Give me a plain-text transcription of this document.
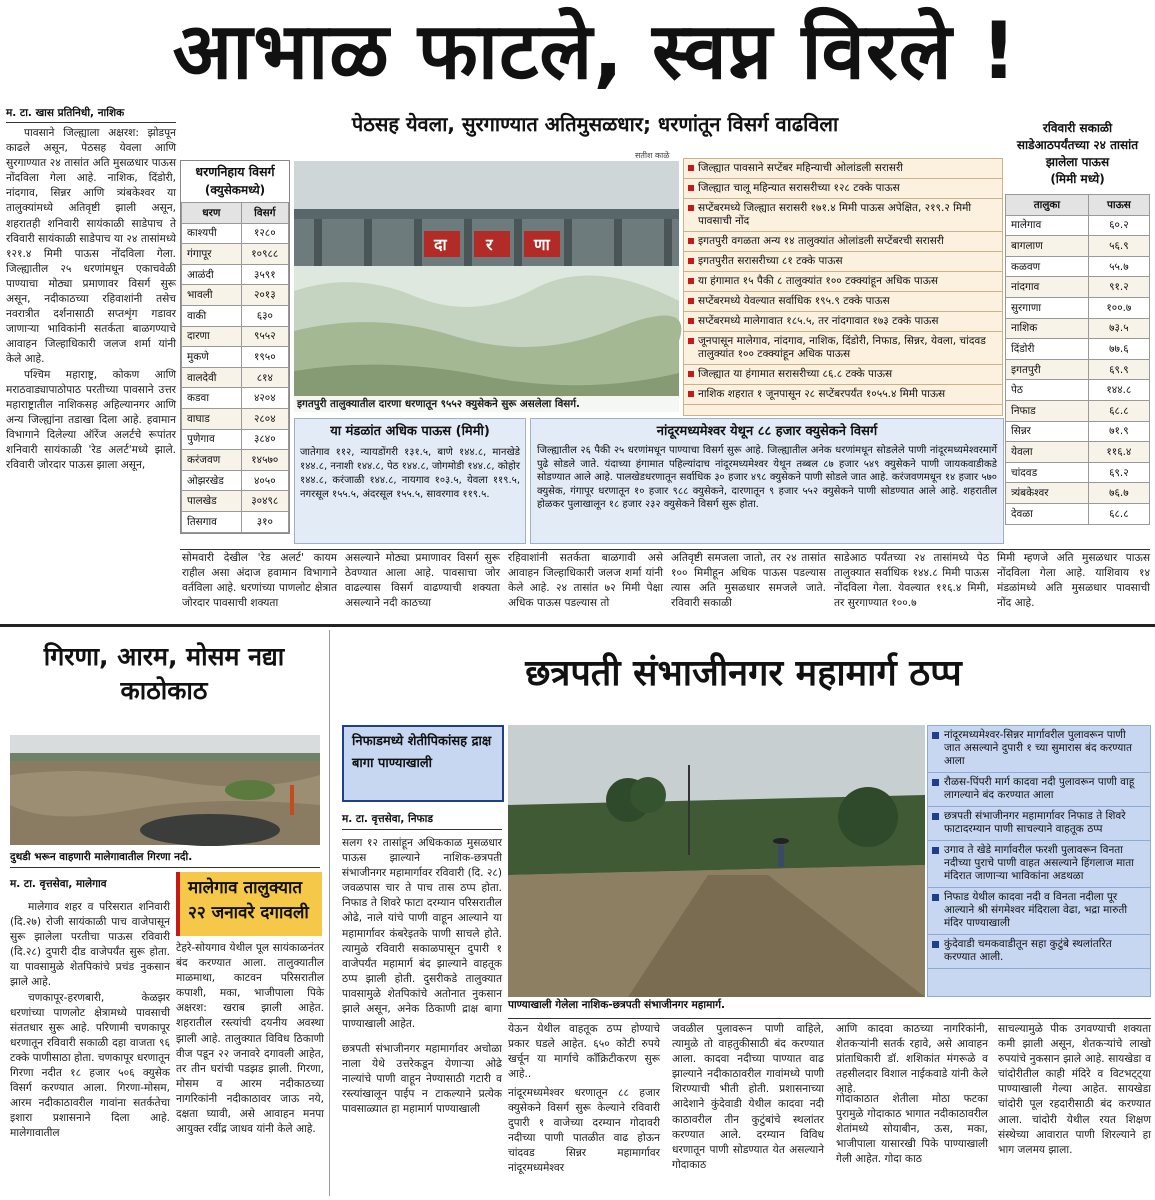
आभाळ फाटले, स्वप्न विरले !
म. टा. खास प्रतिनिधी, नाशिक

पावसाने जिल्ह्याला अक्षरश: झोडपून काढले असून, पेठसह येवला आणि सुरगाण्यात २४ तासांत अति मुसळधार पाऊस नोंदविला गेला आहे. नाशिक, दिंडोरी, नांदगाव, सिन्नर आणि त्र्यंबकेश्वर या तालुक्यांमध्ये अतिवृष्टी झाली असून, शहरातही शनिवारी सायंकाळी साडेपाच ते रविवारी सायंकाळी साडेपाच या २४ तासांमध्ये १२१.४ मिमी पाऊस नोंदविला गेला. जिल्ह्यातील २५ धरणांमधून एकाचवेळी पाण्याचा मोठ्या प्रमाणावर विसर्ग सुरू असून, नदीकाठच्या रहिवाशांनी तसेच नवरात्रीत दर्शनासाठी सप्तशृंग गडावर जाणाऱ्या भाविकांनी सतर्कता बाळगण्याचे आवाहन जिल्हाधिकारी जलज शर्मा यांनी केले आहे.

पश्चिम महाराष्ट्र, कोकण आणि मराठवाड्यापाठोपाठ परतीच्या पावसाने उत्तर महाराष्ट्रातील नाशिकसह अहिल्यानगर आणि अन्य जिल्ह्यांना तडाखा दिला आहे. हवामान विभागाने दिलेल्या ऑरेंज अलर्टचे रूपांतर शनिवारी सायंकाळी 'रेड अलर्ट'मध्ये झाले. रविवारी जोरदार पाऊस झाला असून,

पेठसह येवला, सुरगाण्यात अतिमुसळधार; धरणांतून विसर्ग वाढविला
सतीश काळे
धरणनिहाय विसर्ग
(क्युसेकमध्ये)
धरण	विसर्ग
काश्यपी	१२८०
गंगापूर	१०९८८
आळंदी	३५९१
भावली	२०१३
वाकी	६३०
दारणा	९५५२
मुकणे	१९५०
वालदेवी	८१४
कडवा	४२०४
वाघाड	२८०४
पुणेगाव	३८४०
करंजवण	१४५७०
ओझरखेड	४०५०
पालखेड	३०४९८
तिसगाव	३१०
दा र	णा
इगतपुरी तालुक्यातील दारणा धरणातून ९५५२ क्युसेकने सुरू असलेला विसर्ग.
जिल्ह्यात पावसाने सप्टेंबर महिन्याची ओलांडली सरासरी
जिल्ह्यात चालू महिन्यात सरासरीच्या १२८ टक्के पाऊस
सप्टेंबरमध्ये जिल्ह्यात सरासरी १७१.४ मिमी पाऊस अपेक्षित, २१९.२ मिमी पावसाची नोंद
इगतपुरी वगळता अन्य १४ तालुक्यांत ओलांडली सप्टेंबरची सरासरी
इगतपुरीत सरासरीच्या ८१ टक्के पाऊस
या हंगामात १५ पैकी ८ तालुक्यांत १०० टक्क्यांहून अधिक पाऊस
सप्टेंबरमध्ये येवल्यात सर्वाधिक १९५.९ टक्के पाऊस
सप्टेंबरमध्ये मालेगावात १८५.५, तर नांदगावात १७३ टक्के पाऊस
जूनपासून मालेगाव, नांदगाव, नाशिक, दिंडोरी, निफाड, सिन्नर, येवला, चांदवड तालुक्यांत १०० टक्क्यांहून अधिक पाऊस
जिल्ह्यात या हंगामात सरासरीच्या ८६.८ टक्के पाऊस
नाशिक शहरात १ जूनपासून २८ सप्टेंबरपर्यंत १०५५.४ मिमी पाऊस
रविवारी सकाळी साडेआठपर्यंतच्या २४ तासांत झालेला पाऊस
(मिमी मध्ये)
तालुका	पाऊस
मालेगाव	६०.२
बागलाण	५६.९
कळवण	५५.७
नांदगाव	९१.२
सुरगाणा	१००.७
नाशिक	७३.५
दिंडोरी	७७.६
इगतपुरी	६९.९
पेठ	१४४.८
निफाड	६८.८
सिन्नर	७१.९
येवला	११६.४
चांदवड	६९.२
त्र्यंबकेश्वर	७६.७
देवळा	६८.८
या मंडळांत अधिक पाऊस (मिमी)
जातेगाव ११२, न्यायडोंगरी १३१.५, बाणे १४४.८, मानखेडे १४४.८, ननाशी १४४.८, पेठ १४४.८, जोगमोडी १४४.८, कोहोर १४४.८, करंजाळी १४४.८, नायगाव १०३.५, येवला ११९.५, नगरसूल १५५.५, अंदरसूल १५५.५, सावरगाव ११९.५.
नांदूरमध्यमेश्वर येथून ८८ हजार क्युसेकने विसर्ग
जिल्ह्यातील २६ पैकी २५ धरणांमधून पाण्याचा विसर्ग सुरू आहे. जिल्ह्यातील अनेक धरणांमधून सोडलेले पाणी नांदूरमध्यमेश्वरमार्गे पुढे सोडले जाते. यंदाच्या हंगामात पहिल्यांदाच नांदूरमध्यमेश्वर येथून तब्बल ८७ हजार ५४९ क्युसेकने पाणी जायकवाडीकडे सोडण्यात आले आहे. पालखेडधरणातून सर्वाधिक ३० हजार ४९८ क्युसेकने पाणी सोडले जात आहे. करंजवणमधून १४ हजार ५७० क्युसेक, गंगापूर धरणातून १० हजार ९८८ क्युसेकने, दारणातून ९ हजार ५५२ क्युसेकने पाणी सोडण्यात आले आहे. शहरातील होळकर पुलाखालून १८ हजार २३२ क्युसेकने विसर्ग सुरू होता.
सोमवारी देखील 'रेड अलर्ट' कायम राहील असा अंदाज हवामान विभागाने वर्तविला आहे. धरणांच्या पाणलोट क्षेत्रात जोरदार पावसाची शक्यता
असल्याने मोठ्या प्रमाणावर विसर्ग सुरू ठेवण्यात आला आहे. पावसाचा जोर वाढल्यास विसर्ग वाढण्याची शक्यता असल्याने नदी काठच्या
रहिवाशांनी सतर्कता बाळगावी असे आवाहन जिल्हाधिकारी जलज शर्मा यांनी केले आहे. २४ तासांत ७२ मिमी पेक्षा अधिक पाऊस पडल्यास तो
अतिवृष्टी समजला जातो, तर २४ तासांत १०० मिमीहून अधिक पाऊस पडल्यास त्यास अति मुसळधार समजले जाते. रविवारी सकाळी
साडेआठ पर्यंतच्या २४ तासांमध्ये पेठ तालुक्यात सर्वाधिक १४४.८ मिमी पाऊस नोंदविला गेला. येवल्यात ११६.४ मिमी, तर सुरगाण्यात १००.७
मिमी म्हणजे अति मुसळधार पाऊस नोंदविला गेला आहे. याशिवाय १४ मंडळांमध्ये अति मुसळधार पावसाची नोंद आहे.
गिरणा, आरम, मोसम नद्या काठोकाठ
दुथडी भरून वाहणारी मालेगावातील गिरणा नदी.
म. टा. वृत्तसेवा, मालेगाव	मालेगाव तालुक्यात २२ जनावरे दगावली

मालेगाव शहर व परिसरात शनिवारी (दि.२७) रोजी सायंकाळी पाच वाजेपासून सुरू झालेला परतीचा पाऊस रविवारी (दि.२८) दुपारी दीड वाजेपर्यंत सुरू होता. या पावसामुळे शेतपिकांचे प्रचंड नुकसान झाले आहे.

चणकापूर-हरणबारी, केळझर धरणांच्या पाणलोट क्षेत्रामध्ये पावसाची संततधार सुरू आहे. परिणामी चणकापूर धरणातून रविवारी सकाळी दहा वाजता ९६ टक्के पाणीसाठा होता. चणकापूर धरणातून गिरणा नदीत १८ हजार ५०६ क्युसेक विसर्ग करण्यात आला. गिरणा-मोसम, आरम नदीकाठावरील गावांना सतर्कतेचा इशारा प्रशासनाने दिला आहे. मालेगावातील

टेहरे-सोयगाव येथील पूल सायंकाळनंतर बंद करण्यात आला. तालुक्यातील माळमाथा, काटवन परिसरातील कपाशी, मका, भाजीपाला पिके अक्षरश: खराब झाली आहेत. शहरातील रस्त्यांची दयनीय अवस्था झाली आहे. तालुक्यात विविध ठिकाणी वीज पडून २२ जनावरे दगावली आहेत, तर तीन घरांची पडझड झाली. गिरणा, मोसम व आरम नदीकाठच्या नागरिकांनी नदीकाठावर जाऊ नये, दक्षता घ्यावी, असे आवाहन मनपा आयुक्त रवींद्र जाधव यांनी केले आहे.
छत्रपती संभाजीनगर महामार्ग ठप्प
निफाडमध्ये शेतीपिकांसह द्राक्ष बागा पाण्याखाली
म. टा. वृत्तसेवा, निफाड
सलग १२ तासांहून अधिककाळ मुसळधार पाऊस झाल्याने नाशिक-छत्रपती संभाजीनगर महामार्गावर रविवारी (दि. २८) जवळपास चार ते पाच तास ठप्प होता. निफाड ते शिवरे फाटा दरम्यान परिसरातील ओढे, नाले यांचे पाणी वाहून आल्याने या महामार्गावर कंबरेइतके पाणी साचले होते. त्यामुळे रविवारी सकाळपासून दुपारी १ वाजेपर्यंत महामार्ग बंद झाल्याने वाहतूक ठप्प झाली होती. दुसरीकडे तालुक्यात पावसामुळे शेतपिकांचे अतोनात नुकसान झाले असून, अनेक ठिकाणी द्राक्ष बागा पाण्याखाली आहेत.
छत्रपती संभाजीनगर महामार्गावर अचोळा नाला येथे उत्तरेकडून येणाऱ्या ओढे नाल्यांचे पाणी वाहून नेण्यासाठी गटारी व रस्त्यांखालून पाईप न टाकल्याने प्रत्येक पावसाळ्यात हा महामार्ग पाण्याखाली
पाण्याखाली गेलेला नाशिक-छत्रपती संभाजीनगर महामार्ग.
नांदूरमध्यमेश्वर-सिन्नर मार्गावरील पुलावरून पाणी जात असल्याने दुपारी १ च्या सुमारास बंद करण्यात आला
रौळस-पिंपरी मार्ग कादवा नदी पुलावरून पाणी वाहू लागल्याने बंद करण्यात आला
छत्रपती संभाजीनगर महामार्गावर निफाड ते शिवरे फाटादरम्यान पाणी साचल्याने वाहतूक ठप्प
उगाव ते खेडे मार्गावरील फरशी पुलावरून विनता नदीच्या पुराचे पाणी वाहत असल्याने हिंगलाज माता मंदिरात जाणाऱ्या भाविकांना अडथळा
निफाड येथील कादवा नदी व विनता नदीला पूर आल्याने श्री संगमेश्वर मंदिराला वेढा, भद्रा मारुती मंदिर पाण्याखाली
कुंदेवाडी चमकवाडीतून सहा कुटुंबे स्थलांतरित करण्यात आली.
येऊन येथील वाहतूक ठप्प होण्याचे प्रकार घडले आहेत. ६५० कोटी रुपये खर्चून या मार्गाचे काँक्रिटीकरण सुरू आहे..
नांदूरमध्यमेश्वर धरणातून ८८ हजार क्युसेकने विसर्ग सुरू केल्याने रविवारी दुपारी १ वाजेच्या दरम्यान गोदावरी नदीच्या पाणी पातळीत वाढ होऊन चांदवड सिन्नर महामार्गावर नांदूरमध्यमेश्वर
जवळील पुलावरून पाणी वाहिले, त्यामुळे तो वाहतुकीसाठी बंद करण्यात आला. कादवा नदीच्या पाण्यात वाढ झाल्याने नदीकाठावरील गावांमध्ये पाणी शिरण्याची भीती होती. प्रशासनाच्या आदेशाने कुंदेवाडी येथील कादवा नदी काठावरील तीन कुटुंबांचे स्थलांतर करण्यात आले. दरम्यान विविध धरणातून पाणी सोडण्यात येत असल्याने गोदाकाठ
आणि कादवा काठच्या नागरिकांनी, शेतकऱ्यांनी सतर्क रहावे, असे आवाहन प्रांताधिकारी डॉ. शशिकांत मंगरूळे व तहसीलदार विशाल नाईकवाडे यांनी केले आहे.
गोदाकाठात शेतीला मोठा फटका पुरामुळे गोदाकाठ भागात नदीकाठावरील शेतांमध्ये सोयाबीन, ऊस, मका, भाजीपाला यासारखी पिके पाण्याखाली गेली आहेत. गोदा काठ
साचल्यामुळे पीक उगवण्याची शक्यता कमी झाली असून, शेतकऱ्यांचे लाखो रुपयांचे नुकसान झाले आहे. सायखेडा व चांदोरीतील काही मंदिरे व विटभट्ट्या पाण्याखाली गेल्या आहेत. सायखेडा चांदोरी पूल रहदारीसाठी बंद करण्यात आला. चांदोरी येथील रयत शिक्षण संस्थेच्या आवारात पाणी शिरल्याने हा भाग जलमय झाला.
